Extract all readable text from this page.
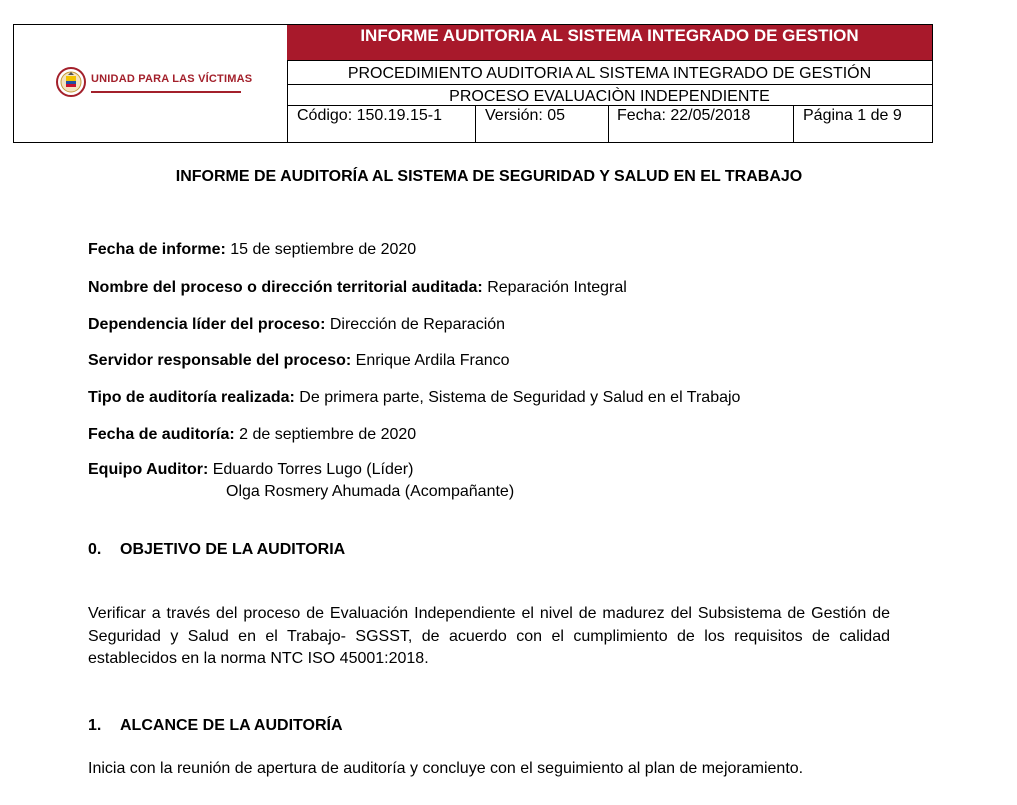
UNIDAD PARA LAS VÍCTIMAS
INFORME AUDITORIA AL SISTEMA INTEGRADO DE GESTION
PROCEDIMIENTO AUDITORIA AL SISTEMA INTEGRADO DE GESTIÓN
PROCESO EVALUACIÒN INDEPENDIENTE
Código: 150.19.15-1	Versión: 05	Fecha: 22/05/2018	Página 1 de 9
INFORME DE AUDITORÍA AL SISTEMA DE SEGURIDAD Y SALUD EN EL TRABAJO
Fecha de informe: 15 de septiembre de 2020
Nombre del proceso o dirección territorial auditada: Reparación Integral
Dependencia líder del proceso: Dirección de Reparación
Servidor responsable del proceso: Enrique Ardila Franco
Tipo de auditoría realizada: De primera parte, Sistema de Seguridad y Salud en el Trabajo
Fecha de auditoría: 2 de septiembre de 2020
Equipo Auditor: Eduardo Torres Lugo (Líder)
Olga Rosmery Ahumada (Acompañante)
0. OBJETIVO DE LA AUDITORIA
Verificar a través del proceso de Evaluación Independiente el nivel de madurez del Subsistema de Gestión de Seguridad y Salud en el Trabajo- SGSST, de acuerdo con el cumplimiento de los requisitos de calidad establecidos en la norma NTC ISO 45001:2018.
1. ALCANCE DE LA AUDITORÍA
Inicia con la reunión de apertura de auditoría y concluye con el seguimiento al plan de mejoramiento.
